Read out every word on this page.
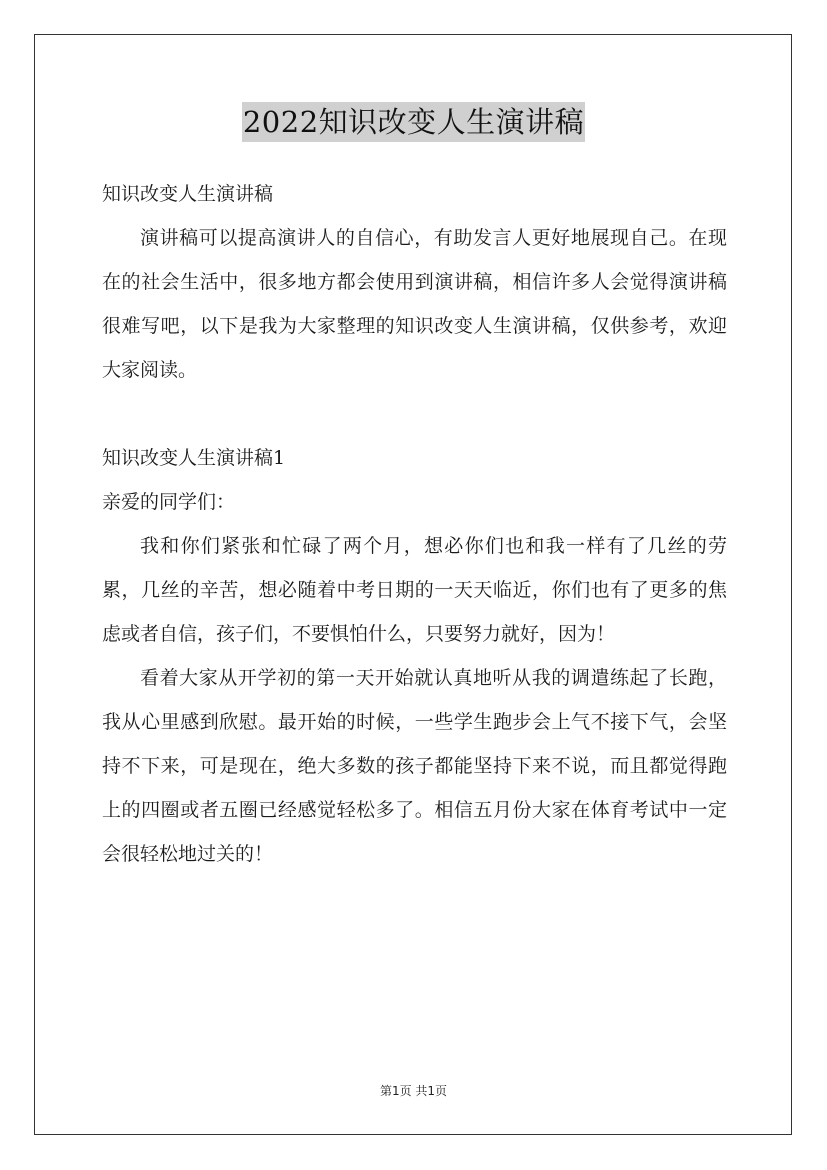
2022知识改变人生演讲稿
知识改变人生演讲稿

演讲稿可以提高演讲人的自信心，有助发言人更好地展现自己。在现在的社会生活中，很多地方都会使用到演讲稿，相信许多人会觉得演讲稿很难写吧，以下是我为大家整理的知识改变人生演讲稿，仅供参考，欢迎大家阅读。

知识改变人生演讲稿1
亲爱的同学们：

我和你们紧张和忙碌了两个月，想必你们也和我一样有了几丝的劳累，几丝的辛苦，想必随着中考日期的一天天临近，你们也有了更多的焦虑或者自信，孩子们，不要惧怕什么，只要努力就好，因为！

看着大家从开学初的第一天开始就认真地听从我的调遣练起了长跑，我从心里感到欣慰。最开始的时候，一些学生跑步会上气不接下气，会坚持不下来，可是现在，绝大多数的孩子都能坚持下来不说，而且都觉得跑上的四圈或者五圈已经感觉轻松多了。相信五月份大家在体育考试中一定会很轻松地过关的！

第1页 共1页
